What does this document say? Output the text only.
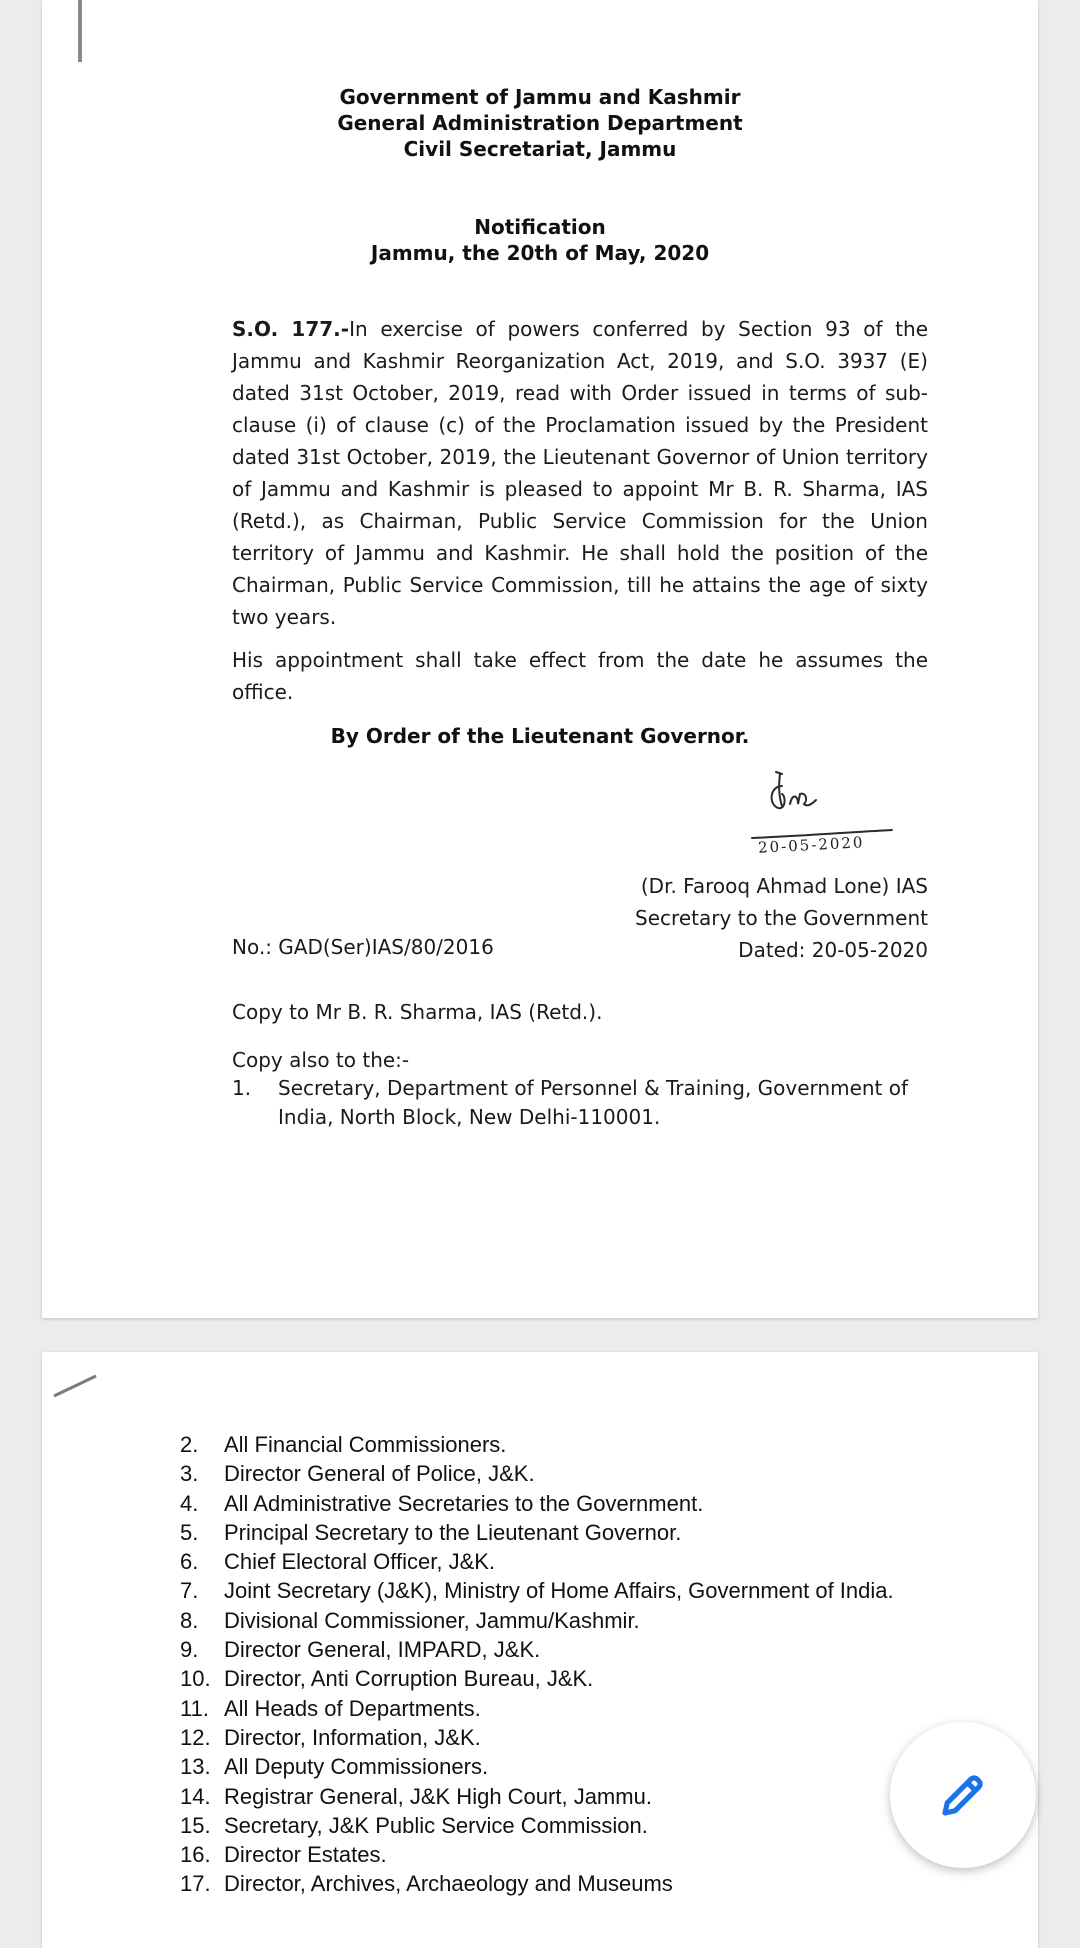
Government of Jammu and Kashmir
General Administration Department
Civil Secretariat, Jammu
Notification
Jammu, the 20th of May, 2020
S.O. 177.-In exercise of powers conferred by Section 93 of the Jammu and Kashmir Reorganization Act, 2019, and S.O. 3937 (E) dated 31st October, 2019, read with Order issued in terms of sub-clause (i) of clause (c) of the Proclamation issued by the President dated 31st October, 2019, the Lieutenant Governor of Union territory of Jammu and Kashmir is pleased to appoint Mr B. R. Sharma, IAS (Retd.), as Chairman, Public Service Commission for the Union territory of Jammu and Kashmir. He shall hold the position of the Chairman, Public Service Commission, till he attains the age of sixty two years.
His appointment shall take effect from the date he assumes the office.
By Order of the Lieutenant Governor.
20-05-2020
(Dr. Farooq Ahmad Lone) IAS
Secretary to the Government
Dated: 20-05-2020
No.: GAD(Ser)IAS/80/2016
Copy to Mr B. R. Sharma, IAS (Retd.).
Copy also to the:-
1.	Secretary, Department of Personnel & Training, Government of India, North Block, New Delhi-110001.
2.	All Financial Commissioners.
3.	Director General of Police, J&K.
4.	All Administrative Secretaries to the Government.
5.	Principal Secretary to the Lieutenant Governor.
6.	Chief Electoral Officer, J&K.
7.	Joint Secretary (J&K), Ministry of Home Affairs, Government of India.
8.	Divisional Commissioner, Jammu/Kashmir.
9.	Director General, IMPARD, J&K.
10. Director, Anti Corruption Bureau, J&K.
11. All Heads of Departments.
12. Director, Information, J&K.
13. All Deputy Commissioners.
14. Registrar General, J&K High Court, Jammu.
15. Secretary, J&K Public Service Commission.
16. Director Estates.
17. Director, Archives, Archaeology and Museums
